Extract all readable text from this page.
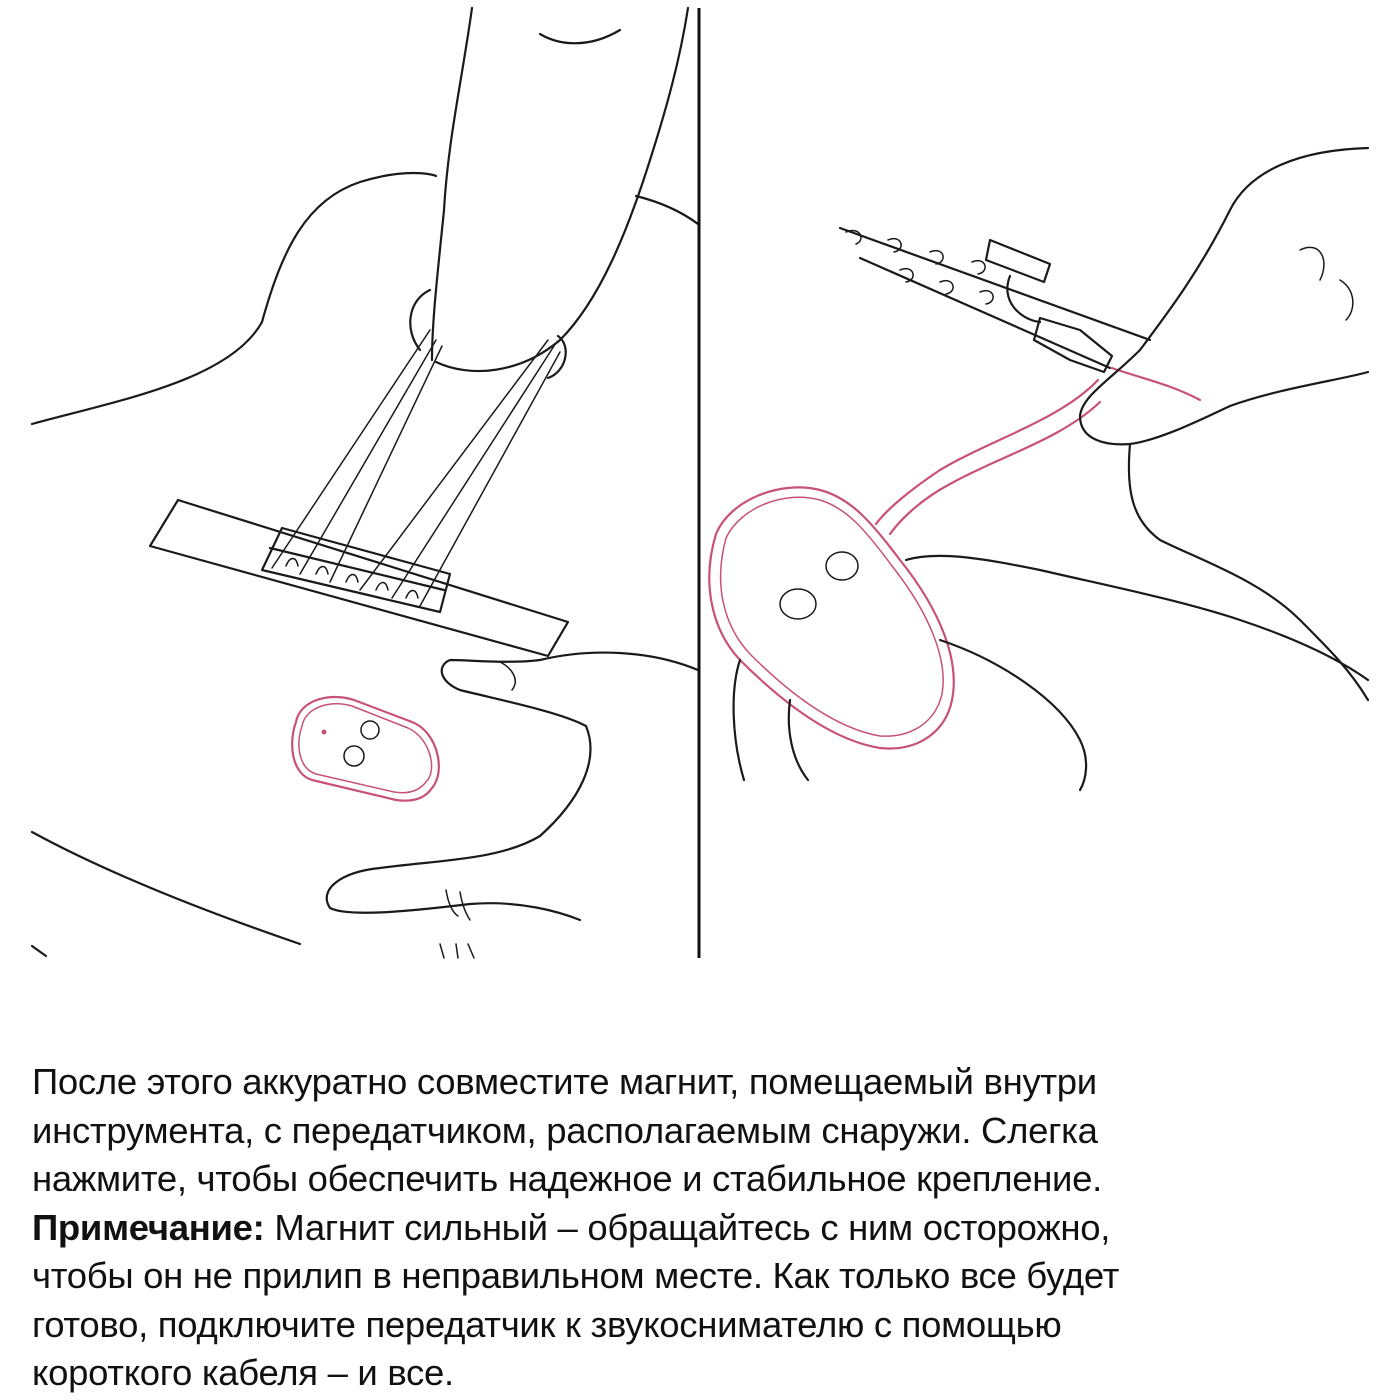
После этого аккуратно совместите магнит, помещаемый внутри
инструмента, с передатчиком, располагаемым снаружи. Слегка
нажмите, чтобы обеспечить надежное и стабильное крепление.
Примечание: Магнит сильный – обращайтесь с ним осторожно,
чтобы он не прилип в неправильном месте. Как только все будет
готово, подключите передатчик к звукоснимателю с помощью
короткого кабеля – и все.
